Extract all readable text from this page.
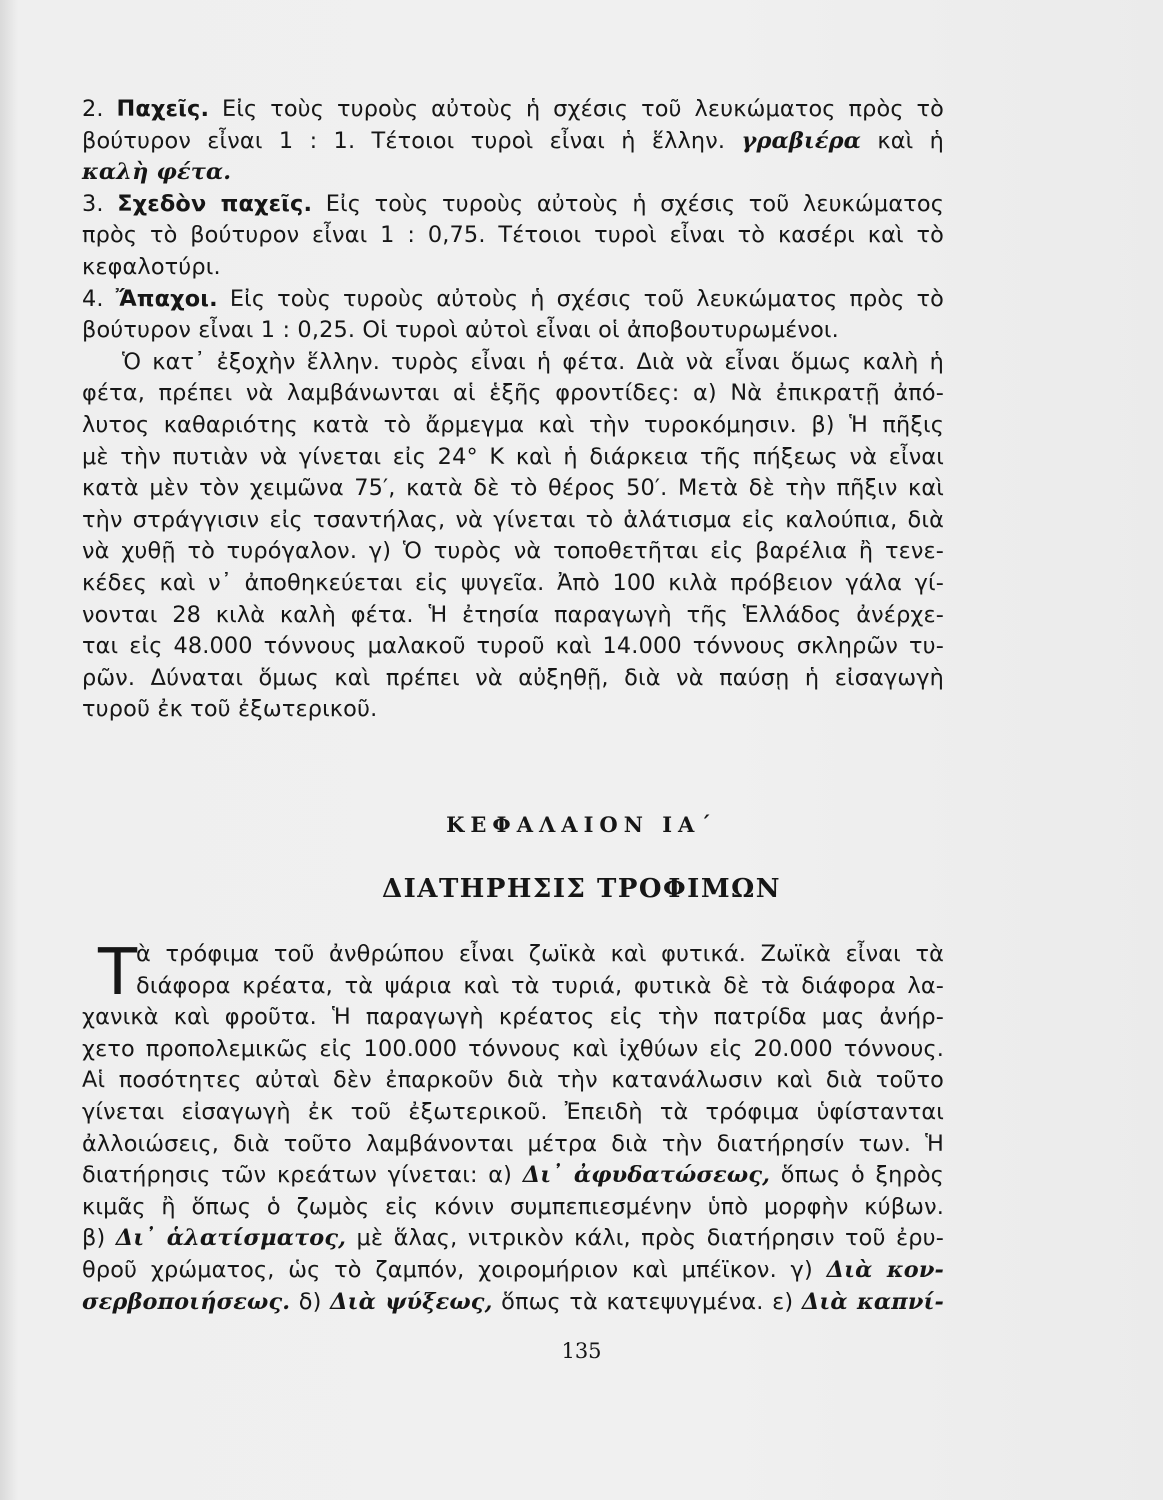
2. Παχεῖς. Εἰς τοὺς τυροὺς αὐτοὺς ἡ σχέσις τοῦ λευκώματος πρὸς τὸ
βούτυρον εἶναι 1 : 1. Τέτοιοι τυροὶ εἶναι ἡ ἕλλην. γραβιέρα καὶ ἡ
καλὴ φέτα.
3. Σχεδὸν παχεῖς. Εἰς τοὺς τυροὺς αὐτοὺς ἡ σχέσις τοῦ λευκώματος
πρὸς τὸ βούτυρον εἶναι 1 : 0,75. Τέτοιοι τυροὶ εἶναι τὸ κασέρι καὶ τὸ
κεφαλοτύρι.
4. Ἄπαχοι. Εἰς τοὺς τυροὺς αὐτοὺς ἡ σχέσις τοῦ λευκώματος πρὸς τὸ
βούτυρον εἶναι 1 : 0,25. Οἱ τυροὶ αὐτοὶ εἶναι οἱ ἀποβουτυρωμένοι.
Ὁ κατ᾿ ἐξοχὴν ἕλλην. τυρὸς εἶναι ἡ φέτα. Διὰ νὰ εἶναι ὅμως καλὴ ἡ
φέτα, πρέπει νὰ λαμβάνωνται αἱ ἑξῆς φροντίδες: α) Νὰ ἐπικρατῇ ἀπό-
λυτος καθαριότης κατὰ τὸ ἄρμεγμα καὶ τὴν τυροκόμησιν. β) Ἡ πῆξις
μὲ τὴν πυτιὰν νὰ γίνεται εἰς 24° Κ καὶ ἡ διάρκεια τῆς πήξεως νὰ εἶναι
κατὰ μὲν τὸν χειμῶνα 75′, κατὰ δὲ τὸ θέρος 50′. Μετὰ δὲ τὴν πῆξιν καὶ
τὴν στράγγισιν εἰς τσαντήλας, νὰ γίνεται τὸ ἁλάτισμα εἰς καλούπια, διὰ
νὰ χυθῇ τὸ τυρόγαλον. γ) Ὁ τυρὸς νὰ τοποθετῆται εἰς βαρέλια ἢ τενε-
κέδες καὶ ν᾿ ἀποθηκεύεται εἰς ψυγεῖα. Ἀπὸ 100 κιλὰ πρόβειον γάλα γί-
νονται 28 κιλὰ καλὴ φέτα. Ἡ ἐτησία παραγωγὴ τῆς Ἑλλάδος ἀνέρχε-
ται εἰς 48.000 τόννους μαλακοῦ τυροῦ καὶ 14.000 τόννους σκληρῶν τυ-
ρῶν. Δύναται ὅμως καὶ πρέπει νὰ αὐξηθῇ, διὰ νὰ παύσῃ ἡ εἰσαγωγὴ
τυροῦ ἐκ τοῦ ἐξωτερικοῦ.
ΚΕΦΑΛΑΙΟΝ ΙΑ΄
ΔΙΑΤΗΡΗΣΙΣ ΤΡΟΦΙΜΩΝ
Τ
ὰ τρόφιμα τοῦ ἀνθρώπου εἶναι ζωϊκὰ καὶ φυτικά. Ζωϊκὰ εἶναι τὰ
διάφορα κρέατα, τὰ ψάρια καὶ τὰ τυριά, φυτικὰ δὲ τὰ διάφορα λα-
χανικὰ καὶ φροῦτα. Ἡ παραγωγὴ κρέατος εἰς τὴν πατρίδα μας ἀνήρ-
χετο προπολεμικῶς εἰς 100.000 τόννους καὶ ἰχθύων εἰς 20.000 τόννους.
Αἱ ποσότητες αὐταὶ δὲν ἐπαρκοῦν διὰ τὴν κατανάλωσιν καὶ διὰ τοῦτο
γίνεται εἰσαγωγὴ ἐκ τοῦ ἐξωτερικοῦ. Ἐπειδὴ τὰ τρόφιμα ὑφίστανται
ἀλλοιώσεις, διὰ τοῦτο λαμβάνονται μέτρα διὰ τὴν διατήρησίν των. Ἡ
διατήρησις τῶν κρεάτων γίνεται: α) Δι᾿ ἀφυδατώσεως, ὅπως ὁ ξηρὸς
κιμᾶς ἢ ὅπως ὁ ζωμὸς εἰς κόνιν συμπεπιεσμένην ὑπὸ μορφὴν κύβων.
β) Δι᾿ ἁλατίσματος, μὲ ἅλας, νιτρικὸν κάλι, πρὸς διατήρησιν τοῦ ἐρυ-
θροῦ χρώματος, ὡς τὸ ζαμπόν, χοιρομήριον καὶ μπέϊκον. γ) Διὰ κον-
σερβοποιήσεως. δ) Διὰ ψύξεως, ὅπως τὰ κατεψυγμένα. ε) Διὰ καπνί-
135
